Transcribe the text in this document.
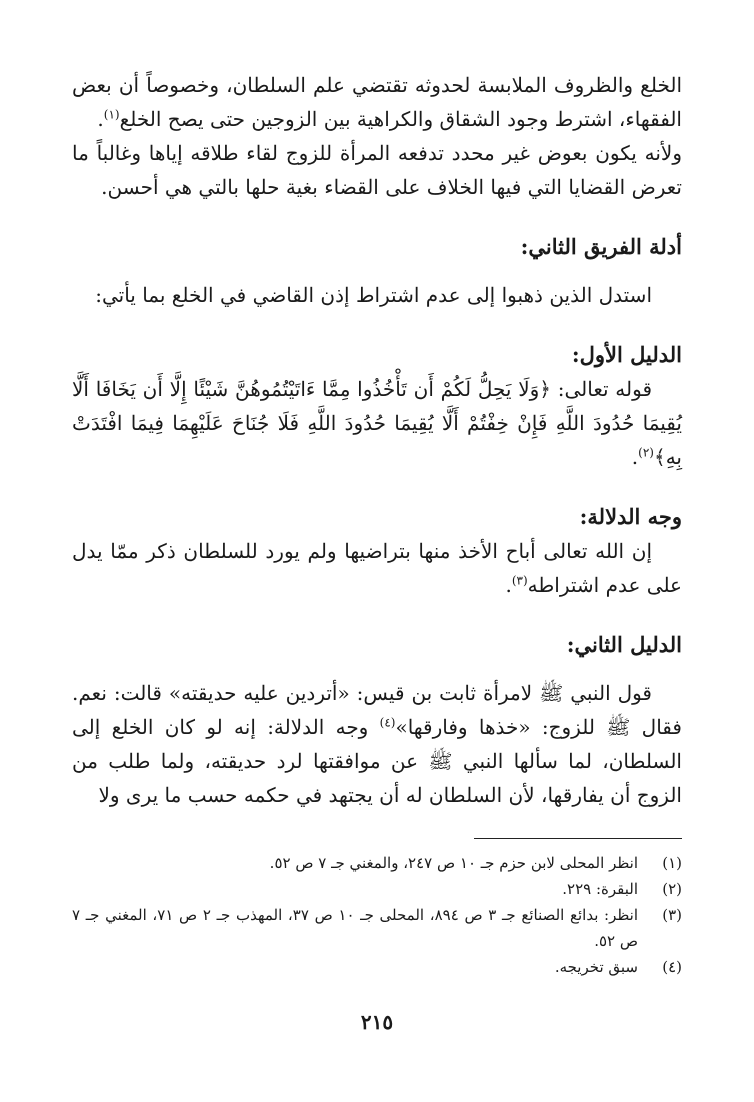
الخلع والظروف الملابسة لحدوثه تقتضي علم السلطان، وخصوصاً أن بعض الفقهاء، اشترط وجود الشقاق والكراهية بين الزوجين حتى يصح الخلع$^{(١)}$.

ولأنه يكون بعوض غير محدد تدفعه المرأة للزوج لقاء طلاقه إياها وغالباً ما تعرض القضايا التي فيها الخلاف على القضاء بغية حلها بالتي هي أحسن.

أدلة الفريق الثاني:

استدل الذين ذهبوا إلى عدم اشتراط إذن القاضي في الخلع بما يأتي:

الدليل الأول:

قوله تعالى: ﴿وَلَا يَحِلُّ لَكُمْ أَن تَأْخُذُوا مِمَّا ءَاتَيْتُمُوهُنَّ شَيْئًا إِلَّا أَن يَخَافَا أَلَّا يُقِيمَا حُدُودَ اللَّهِ فَإِنْ خِفْتُمْ أَلَّا يُقِيمَا حُدُودَ اللَّهِ فَلَا جُنَاحَ عَلَيْهِمَا فِيمَا افْتَدَتْ بِهِ﴾$^{(٢)}$.

وجه الدلالة:

إن الله تعالى أباح الأخذ منها بتراضيها ولم يورد للسلطان ذكر ممّا يدل على عدم اشتراطه$^{(٣)}$.

الدليل الثاني:

قول النبي ﷺ لامرأة ثابت بن قيس: «أتردين عليه حديقته» قالت: نعم. فقال ﷺ للزوج: «خذها وفارقها»$^{(٤)}$ وجه الدلالة: إنه لو كان الخلع إلى السلطان، لما سألها النبي ﷺ عن موافقتها لرد حديقته، ولما طلب من الزوج أن يفارقها، لأن السلطان له أن يجتهد في حكمه حسب ما يرى ولا

(١)
انظر المحلى لابن حزم جـ ١٠ ص ٢٤٧، والمغني جـ ٧ ص ٥٢.
(٢)
البقرة: ٢٢٩.
(٣)
انظر: بدائع الصنائع جـ ٣ ص ٨٩٤، المحلى جـ ١٠ ص ٣٧، المهذب جـ ٢ ص ٧١، المغني جـ ٧ ص ٥٢.
(٤)
سبق تخريجه.
٢١٥
